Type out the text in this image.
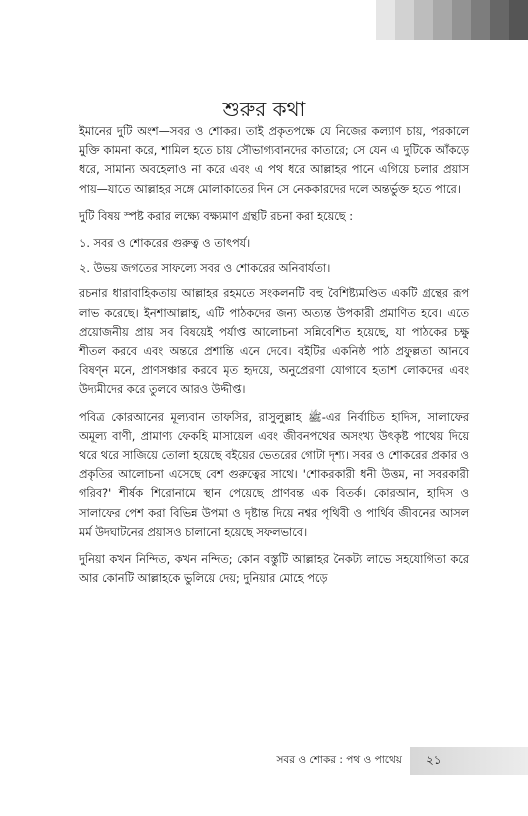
শুরুর কথা

ইমানের দুটি অংশ—সবর ও শোকর। তাই প্রকৃতপক্ষে যে নিজের কল্যাণ চায়, পরকালে মুক্তি কামনা করে, শামিল হতে চায় সৌভাগ্যবানদের কাতারে; সে যেন এ দুটিকে আঁকড়ে ধরে, সামান্য অবহেলাও না করে এবং এ পথ ধরে আল্লাহর পানে এগিয়ে চলার প্রয়াস পায়—যাতে আল্লাহর সঙ্গে মোলাকাতের দিন সে নেককারদের দলে অন্তর্ভুক্ত হতে পারে।

দুটি বিষয় স্পষ্ট করার লক্ষ্যে বক্ষ্যমাণ গ্রন্থটি রচনা করা হয়েছে :

১. সবর ও শোকরের গুরুত্ব ও তাৎপর্য।

২. উভয় জগতের সাফল্যে সবর ও শোকরের অনিবার্যতা।

রচনার ধারাবাহিকতায় আল্লাহর রহমতে সংকলনটি বহু বৈশিষ্ট্যমণ্ডিত একটি গ্রন্থের রূপ লাভ করেছে। ইনশাআল্লাহ, এটি পাঠকদের জন্য অত্যন্ত উপকারী প্রমাণিত হবে। এতে প্রয়োজনীয় প্রায় সব বিষয়েই পর্যাপ্ত আলোচনা সন্নিবেশিত হয়েছে, যা পাঠকের চক্ষু শীতল করবে এবং অন্তরে প্রশান্তি এনে দেবে। বইটির একনিষ্ঠ পাঠ প্রফুল্লতা আনবে বিষণ্ন মনে, প্রাণসঞ্চার করবে মৃত হৃদয়ে, অনুপ্রেরণা যোগাবে হতাশ লোকদের এবং উদ্যমীদের করে তুলবে আরও উদ্দীপ্ত।

পবিত্র কোরআনের মূল্যবান তাফসির, রাসুলুল্লাহ ﷺ-এর নির্বাচিত হাদিস, সালাফের অমূল্য বাণী, প্রামাণ্য ফেকহি মাসায়েল এবং জীবনপথের অসংখ্য উৎকৃষ্ট পাথেয় দিয়ে থরে থরে সাজিয়ে তোলা হয়েছে বইয়ের ভেতরের গোটা দৃশ্য। সবর ও শোকরের প্রকার ও প্রকৃতির আলোচনা এসেছে বেশ গুরুত্বের সাথে। 'শোকরকারী ধনী উত্তম, না সবরকারী গরিব?' শীর্ষক শিরোনামে স্থান পেয়েছে প্রাণবন্ত এক বিতর্ক। কোরআন, হাদিস ও সালাফের পেশ করা বিভিন্ন উপমা ও দৃষ্টান্ত দিয়ে নশ্বর পৃথিবী ও পার্থিব জীবনের আসল মর্ম উদঘাটনের প্রয়াসও চালানো হয়েছে সফলভাবে।

দুনিয়া কখন নিন্দিত, কখন নন্দিত; কোন বস্তুটি আল্লাহর নৈকট্য লাভে সহযোগিতা করে আর কোনটি আল্লাহকে ভুলিয়ে দেয়; দুনিয়ার মোহে পড়ে

সবর ও শোকর : পথ ও পাথেয় ২১
